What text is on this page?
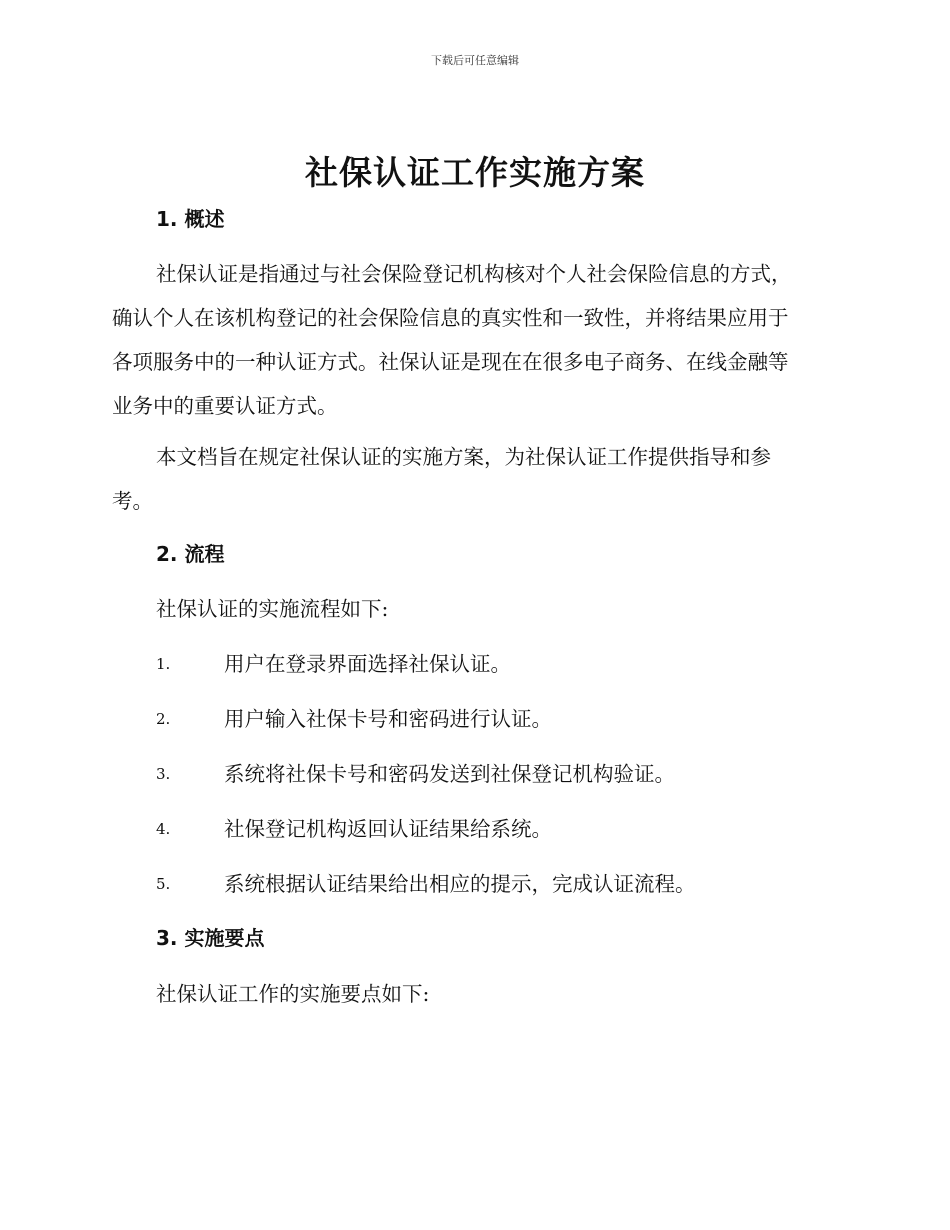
下载后可任意编辑
社保认证工作实施方案
1. 概述
社保认证是指通过与社会保险登记机构核对个人社会保险信息的方式，
确认个人在该机构登记的社会保险信息的真实性和一致性，并将结果应用于
各项服务中的一种认证方式。社保认证是现在在很多电子商务、在线金融等
业务中的重要认证方式。
本文档旨在规定社保认证的实施方案，为社保认证工作提供指导和参
考。
2. 流程
社保认证的实施流程如下:
1.	用户在登录界面选择社保认证。
2.	用户输入社保卡号和密码进行认证。
3.	系统将社保卡号和密码发送到社保登记机构验证。
4.	社保登记机构返回认证结果给系统。
5.	系统根据认证结果给出相应的提示，完成认证流程。
3. 实施要点
社保认证工作的实施要点如下:
